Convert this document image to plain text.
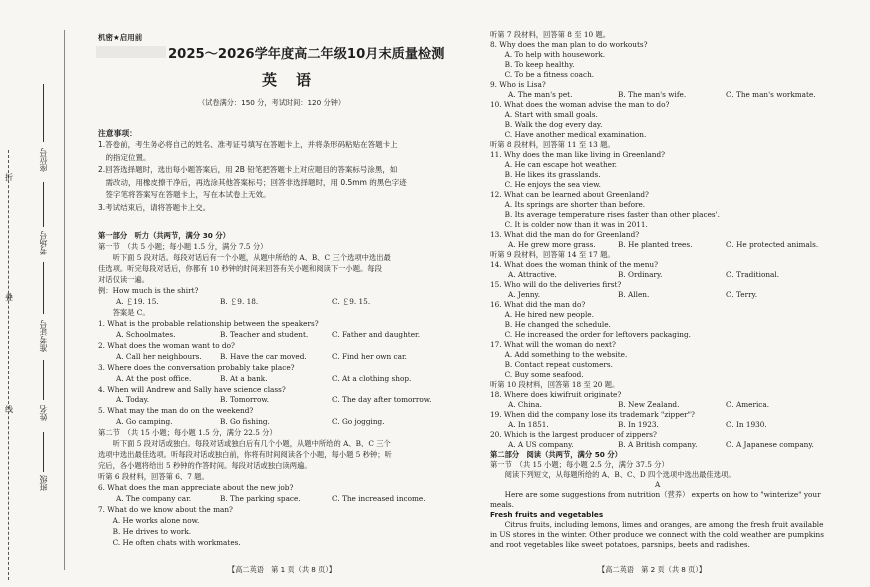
折
叠
线
座位号
考场号
准考证号
姓名
班级
机密★启用前
2025～2026学年度高二年级10月末质量检测
英　语
（试卷满分：150 分，考试时间：120 分钟）
注意事项：
1.答卷前，考生务必将自己的姓名、准考证号填写在答题卡上，并将条形码粘贴在答题卡上
　的指定位置。
2.回答选择题时，选出每小题答案后，用 2B 铅笔把答题卡上对应题目的答案标号涂黑，如
　需改动，用橡皮擦干净后，再选涂其他答案标号；回答非选择题时，用 0.5mm 的黑色字迹
　签字笔将答案写在答题卡上，写在本试卷上无效。
3.考试结束后，请将答题卡上交。
第一部分　听力（共两节，满分 30 分）
第一节　（共 5 小题；每小题 1.5 分，满分 7.5 分）
　　听下面 5 段对话。每段对话后有一个小题，从题中所给的 A、B、C 三个选项中选出最
佳选项。听完每段对话后，你都有 10 秒钟的时间来回答有关小题和阅读下一小题。每段
对话仅读一遍。
例：How much is the shirt?
A. ￡19. 15.	B. ￡9. 18.	C. ￡9. 15.
　　答案是 C。
1. What is the probable relationship between the speakers?
A. Schoolmates.	B. Teacher and student.	C. Father and daughter.
2. What does the woman want to do?
A. Call her neighbours.	B. Have the car moved.	C. Find her own car.
3. Where does the conversation probably take place?
A. At the post office.	B. At a bank.	C. At a clothing shop.
4. When will Andrew and Sally have science class?
A. Today.	B. Tomorrow.	C. The day after tomorrow.
5. What may the man do on the weekend?
A. Go camping.	B. Go fishing.	C. Go jogging.
第二节　（共 15 小题；每小题 1.5 分，满分 22.5 分）
　　听下面 5 段对话或独白。每段对话或独白后有几个小题，从题中所给的 A、B、C 三个
选项中选出最佳选项。听每段对话或独白前，你将有时间阅读各个小题，每小题 5 秒钟；听
完后，各小题将给出 5 秒钟的作答时间。每段对话或独白读两遍。
听第 6 段材料，回答第 6、7 题。
6. What does the man appreciate about the new job?
A. The company car.	B. The parking space.	C. The increased income.
7. What do we know about the man?
　　A. He works alone now.
　　B. He drives to work.
　　C. He often chats with workmates.
听第 7 段材料，回答第 8 至 10 题。
8. Why does the man plan to do workouts?
　　A. To help with housework.
　　B. To keep healthy.
　　C. To be a fitness coach.
9. Who is Lisa?
A. The man's pet.	B. The man's wife.	C. The man's workmate.
10. What does the woman advise the man to do?
　　A. Start with small goals.
　　B. Walk the dog every day.
　　C. Have another medical examination.
听第 8 段材料，回答第 11 至 13 题。
11. Why does the man like living in Greenland?
　　A. He can escape hot weather.
　　B. He likes its grasslands.
　　C. He enjoys the sea view.
12. What can be learned about Greenland?
　　A. Its springs are shorter than before.
　　B. Its average temperature rises faster than other places'.
　　C. It is colder now than it was in 2011.
13. What did the man do for Greenland?
A. He grew more grass.	B. He planted trees.	C. He protected animals.
听第 9 段材料，回答第 14 至 17 题。
14. What does the woman think of the menu?
A. Attractive.	B. Ordinary.	C. Traditional.
15. Who will do the deliveries first?
A. Jenny.	B. Allen.	C. Terry.
16. What did the man do?
　　A. He hired new people.
　　B. He changed the schedule.
　　C. He increased the order for leftovers packaging.
17. What will the woman do next?
　　A. Add something to the website.
　　B. Contact repeat customers.
　　C. Buy some seafood.
听第 10 段材料，回答第 18 至 20 题。
18. Where does kiwifruit originate?
A. China.	B. New Zealand.	C. America.
19. When did the company lose its trademark "zipper"?
A. In 1851.	B. In 1923.	C. In 1930.
20. Which is the largest producer of zippers?
A. A US company.	B. A British company.	C. A Japanese company.
第二部分　阅读（共两节，满分 50 分）
第一节　（共 15 小题；每小题 2.5 分，满分 37.5 分）
　　阅读下列短文，从每题所给的 A、B、C、D 四个选项中选出最佳选项。
A
　　Here are some suggestions from nutrition（营养） experts on how to "winterize" your
meals.
Fresh fruits and vegetables
　　Citrus fruits, including lemons, limes and oranges, are among the fresh fruit available
in US stores in the winter. Other produce we connect with the cold weather are pumpkins
and root vegetables like sweet potatoes, parsnips, beets and radishes.
【高二英语　第 1 页（共 8 页）】	【高二英语　第 2 页（共 8 页）】
